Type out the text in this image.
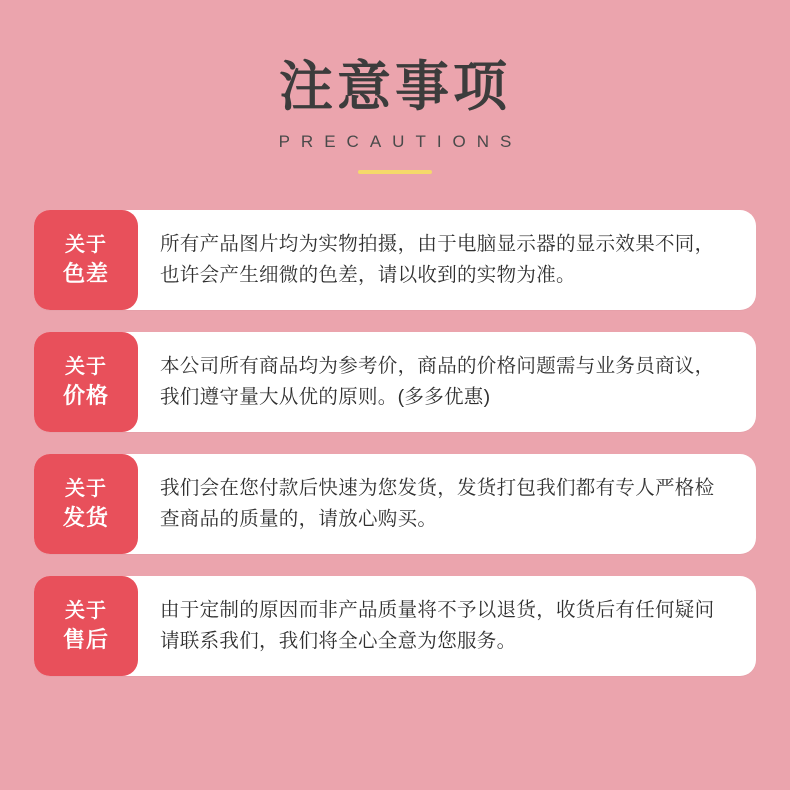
注意事项
PRECAUTIONS
关于
色差

所有产品图片均为实物拍摄，由于电脑显示器的显示效果不同，也许会产生细微的色差，请以收到的实物为准。

关于
价格

本公司所有商品均为参考价，商品的价格问题需与业务员商议，我们遵守量大从优的原则。(多多优惠)

关于
发货

我们会在您付款后快速为您发货，发货打包我们都有专人严格检查商品的质量的，请放心购买。

关于
售后

由于定制的原因而非产品质量将不予以退货，收货后有任何疑问请联系我们，我们将全心全意为您服务。
